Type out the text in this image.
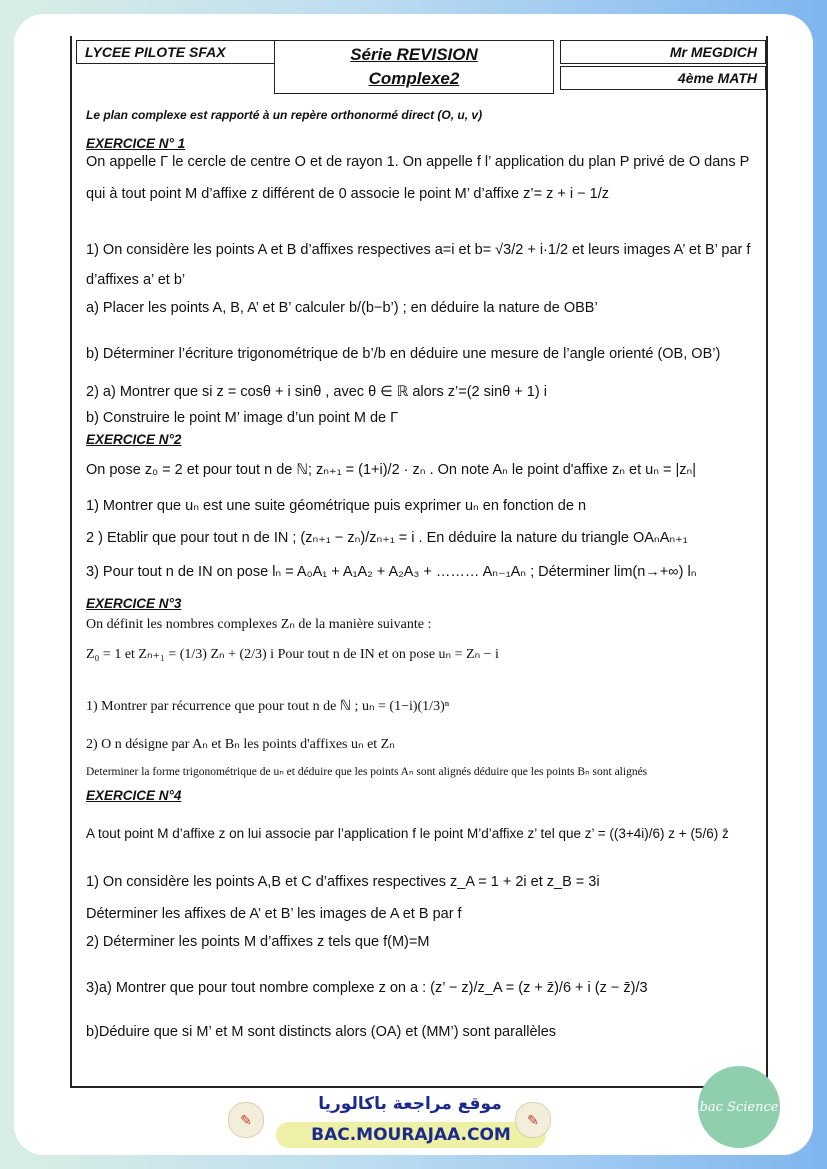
LYCEE PILOTE SFAX	Série REVISION
Complexe2
Mr MEGDICH
4ème MATH
Le plan complexe est rapporté à un repère orthonormé direct (O, u, v)
EXERCICE N° 1
On appelle Γ le cercle de centre O et de rayon 1. On appelle f l’ application du plan P privé de O dans P
qui à tout point M d’affixe z différent de 0 associe le point M’ d’affixe z’= z + i − 1/z
1) On considère les points A et B d’affixes respectives a=i et b= √3/2 + i·1/2 et leurs images A’ et B’ par f
d’affixes a’ et b’
a) Placer les points A, B, A’ et B’ calculer b/(b−b’) ; en déduire la nature de OBB’
b) Déterminer l’écriture trigonométrique de b’/b en déduire une mesure de l’angle orienté (OB, OB’)
2) a) Montrer que si z = cosθ + i sinθ , avec θ ∈ ℝ alors z’=(2 sinθ + 1) i
b) Construire le point M’ image d’un point M de Γ
EXERCICE N°2
On pose z₀ = 2 et pour tout n de ℕ; zₙ₊₁ = (1+i)/2 · zₙ . On note Aₙ le point d'affixe zₙ et uₙ = |zₙ|
1) Montrer que uₙ est une suite géométrique puis exprimer uₙ en fonction de n
2 ) Etablir que pour tout n de IN ; (zₙ₊₁ − zₙ)/zₙ₊₁ = i . En déduire la nature du triangle OAₙAₙ₊₁
3) Pour tout n de IN on pose lₙ = A₀A₁ + A₁A₂ + A₂A₃ + ……… Aₙ₋₁Aₙ ; Déterminer lim(n→+∞) lₙ
EXERCICE N°3
On définit les nombres complexes Zₙ de la manière suivante :
Z₀ = 1 et Zₙ₊₁ = (1/3) Zₙ + (2/3) i Pour tout n de IN et on pose uₙ = Zₙ − i
1) Montrer par récurrence que pour tout n de ℕ ; uₙ = (1−i)(1/3)ⁿ
2) O n désigne par Aₙ et Bₙ les points d'affixes uₙ et Zₙ
Determiner la forme trigonométrique de uₙ et déduire que les points Aₙ sont alignés déduire que les points Bₙ sont alignés
EXERCICE N°4
A tout point M d’affixe z on lui associe par l’application f le point M’d’affixe z’ tel que z’ = ((3+4i)/6) z + (5/6) z̄
1) On considère les points A,B et C d’affixes respectives z_A = 1 + 2i et z_B = 3i
Déterminer les affixes de A’ et B’ les images de A et B par f
2) Déterminer les points M d’affixes z tels que f(M)=M
3)a) Montrer que pour tout nombre complexe z on a : (z’ − z)/z_A = (z + z̄)/6 + i (z − z̄)/3
b)Déduire que si M’ et M sont distincts alors (OA) et (MM’) sont parallèles
✎
موقع مراجعة باكالوريا
BAC.MOURAJAA.COM
✎
bac Science
